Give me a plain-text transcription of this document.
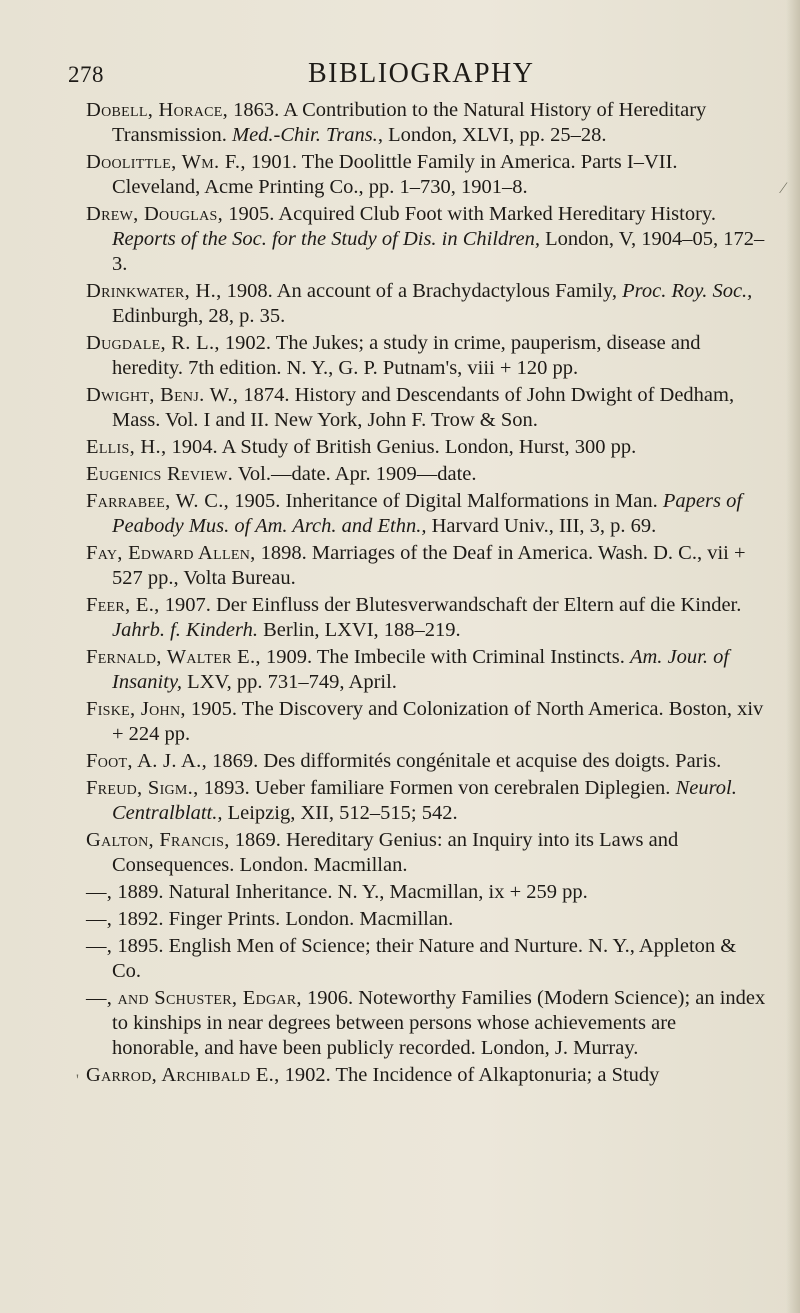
278	BIBLIOGRAPHY

Dobell, Horace, 1863. A Contribution to the Natural History of Hereditary Transmission. Med.-Chir. Trans., London, XLVI, pp. 25–28.

Doolittle, Wm. F., 1901. The Doolittle Family in America. Parts I–VII. Cleveland, Acme Printing Co., pp. 1–730, 1901–8.

Drew, Douglas, 1905. Acquired Club Foot with Marked Hereditary History. Reports of the Soc. for the Study of Dis. in Children, London, V, 1904–05, 172–3.

Drinkwater, H., 1908. An account of a Brachydactylous Family, Proc. Roy. Soc., Edinburgh, 28, p. 35.

Dugdale, R. L., 1902. The Jukes; a study in crime, pauperism, disease and heredity. 7th edition. N. Y., G. P. Putnam's, viii + 120 pp.

Dwight, Benj. W., 1874. History and Descendants of John Dwight of Dedham, Mass. Vol. I and II. New York, John F. Trow & Son.

Ellis, H., 1904. A Study of British Genius. London, Hurst, 300 pp.

Eugenics Review. Vol.—date. Apr. 1909—date.

Farrabee, W. C., 1905. Inheritance of Digital Malformations in Man. Papers of Peabody Mus. of Am. Arch. and Ethn., Harvard Univ., III, 3, p. 69.

Fay, Edward Allen, 1898. Marriages of the Deaf in America. Wash. D. C., vii + 527 pp., Volta Bureau.

Feer, E., 1907. Der Einfluss der Blutesverwandschaft der Eltern auf die Kinder. Jahrb. f. Kinderh. Berlin, LXVI, 188–219.

Fernald, Walter E., 1909. The Imbecile with Criminal Instincts. Am. Jour. of Insanity, LXV, pp. 731–749, April.

Fiske, John, 1905. The Discovery and Colonization of North America. Boston, xiv + 224 pp.

Foot, A. J. A., 1869. Des difformités congénitale et acquise des doigts. Paris.

Freud, Sigm., 1893. Ueber familiare Formen von cerebralen Diplegien. Neurol. Centralblatt., Leipzig, XII, 512–515; 542.

Galton, Francis, 1869. Hereditary Genius: an Inquiry into its Laws and Consequences. London. Macmillan.

—, 1889. Natural Inheritance. N. Y., Macmillan, ix + 259 pp.

—, 1892. Finger Prints. London. Macmillan.

—, 1895. English Men of Science; their Nature and Nurture. N. Y., Appleton & Co.

—, and Schuster, Edgar, 1906. Noteworthy Families (Modern Science); an index to kinships in near degrees between persons whose achievements are honorable, and have been publicly recorded. London, J. Murray.

Garrod, Archibald E., 1902. The Incidence of Alkaptonuria; a Study

⁄
'
